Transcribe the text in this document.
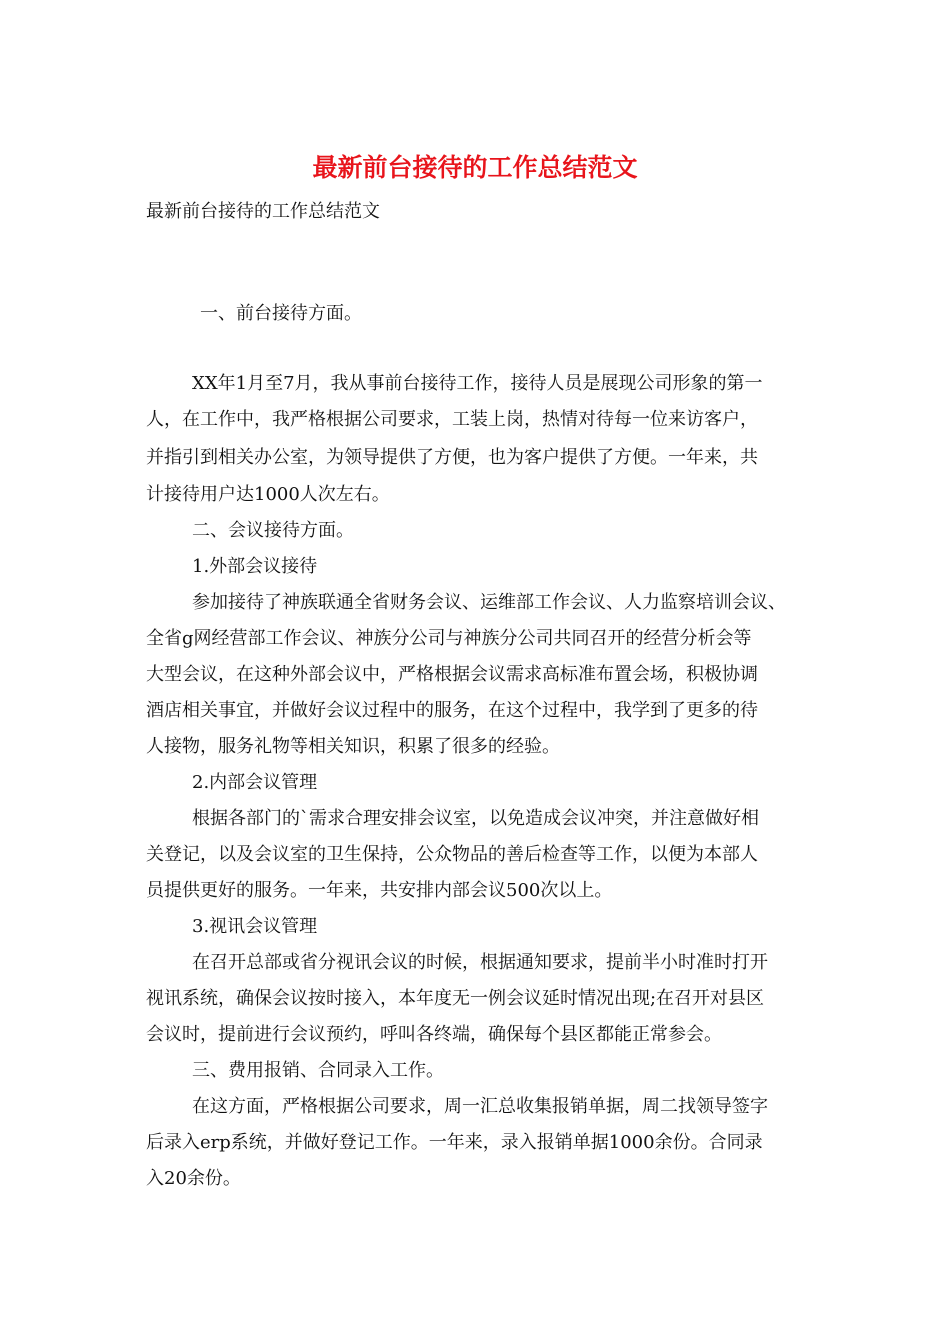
最新前台接待的工作总结范文

最新前台接待的工作总结范文

一、前台接待方面。

XX年1月至7月，我从事前台接待工作，接待人员是展现公司形象的第一

人，在工作中，我严格根据公司要求，工装上岗，热情对待每一位来访客户，

并指引到相关办公室，为领导提供了方便，也为客户提供了方便。一年来，共

计接待用户达1000人次左右。

二、会议接待方面。

1.外部会议接待

参加接待了神族联通全省财务会议、运维部工作会议、人力监察培训会议、

全省g网经营部工作会议、神族分公司与神族分公司共同召开的经营分析会等

大型会议，在这种外部会议中，严格根据会议需求高标准布置会场，积极协调

酒店相关事宜，并做好会议过程中的服务，在这个过程中，我学到了更多的待

人接物，服务礼物等相关知识，积累了很多的经验。

2.内部会议管理

根据各部门的`需求合理安排会议室，以免造成会议冲突，并注意做好相

关登记，以及会议室的卫生保持，公众物品的善后检查等工作，以便为本部人

员提供更好的服务。一年来，共安排内部会议500次以上。

3.视讯会议管理

在召开总部或省分视讯会议的时候，根据通知要求，提前半小时准时打开

视讯系统，确保会议按时接入，本年度无一例会议延时情况出现;在召开对县区

会议时，提前进行会议预约，呼叫各终端，确保每个县区都能正常参会。

三、费用报销、合同录入工作。

在这方面，严格根据公司要求，周一汇总收集报销单据，周二找领导签字

后录入erp系统，并做好登记工作。一年来，录入报销单据1000余份。合同录

入20余份。
